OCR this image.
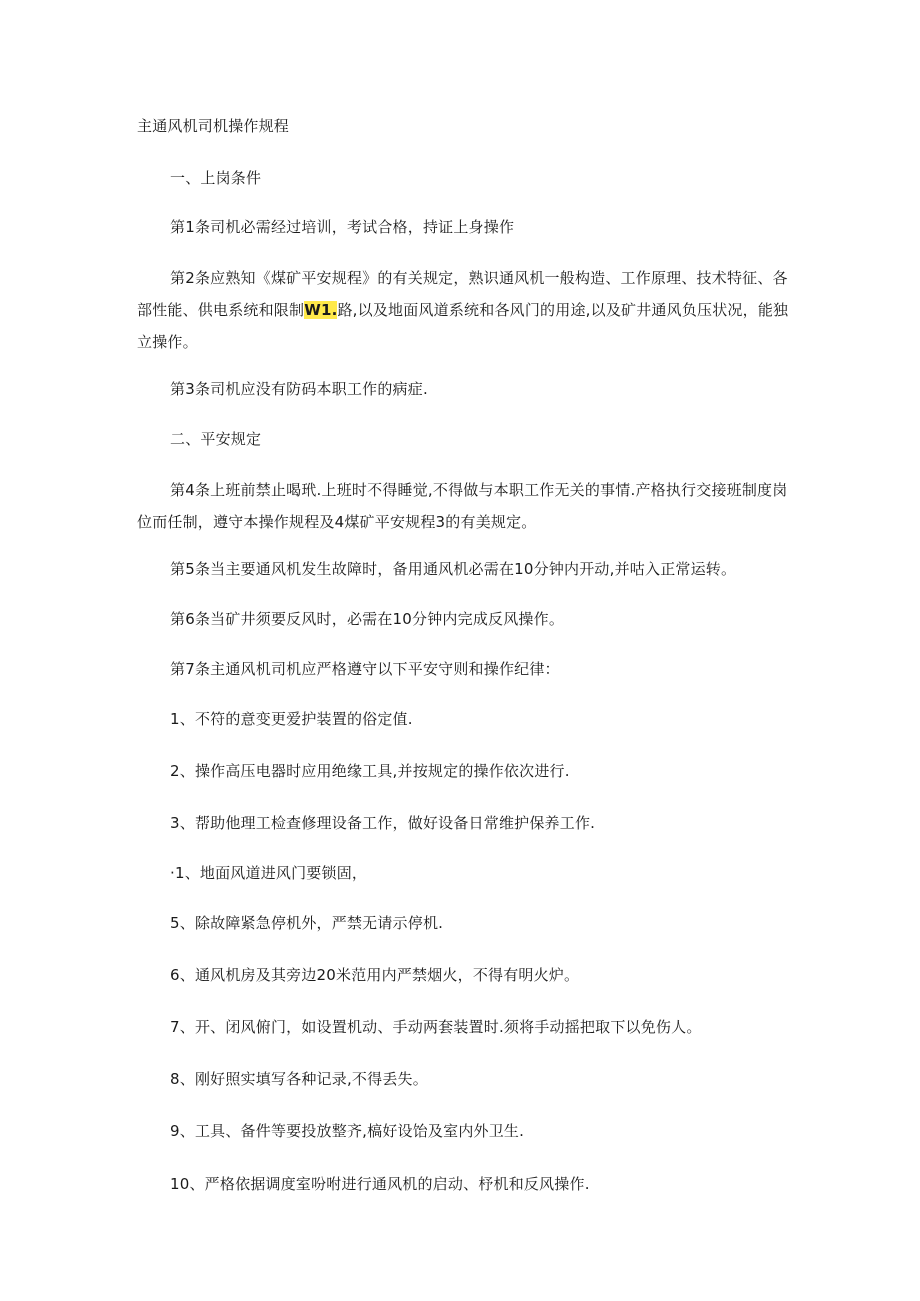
主通风机司机操作规程
一、上岗条件
第1条司机必需经过培训，考试合格，持证上身操作
第2条应熟知《煤矿平安规程》的有关规定，熟识通风机一般构造、工作原理、技术特征、各部性能、供电系统和限制W1.路,以及地面风道系统和各风门的用途,以及矿井通风负压状况，能独立操作。
第3条司机应没有防码本职工作的病症.
二、平安规定
第4条上班前禁止喝玳.上班时不得睡觉,不得做与本职工作无关的事情.产格执行交接班制度岗位而任制，遵守本操作规程及4煤矿平安规程3的有美规定。
第5条当主要通风机发生故障时，备用通风机必需在10分钟内开动,并咕入正常运转。
第6条当矿井须要反风时，必需在10分钟内完成反风操作。
第7条主通风机司机应严格遵守以下平安守则和操作纪律：
1、不符的意变更爱护装置的俗定值.
2、操作高压电器时应用绝缘工具,并按规定的操作依次进行.
3、帮助他理工检查修理设备工作，做好设备日常维护保养工作.
·1、地面风道进风门要锁固，
5、除故障紧急停机外，严禁无请示停机.
6、通风机房及其旁边20米范用内严禁烟火，不得有明火炉。
7、开、闭风俯门，如设置机动、手动两套装置时.须将手动摇把取下以免伤人。
8、刚好照实填写各种记录,不得丢失。
9、工具、备件等要投放整齐,槁好设饴及室内外卫生.
10、严格依据调度室吩咐进行通风机的启动、杼机和反风操作.
